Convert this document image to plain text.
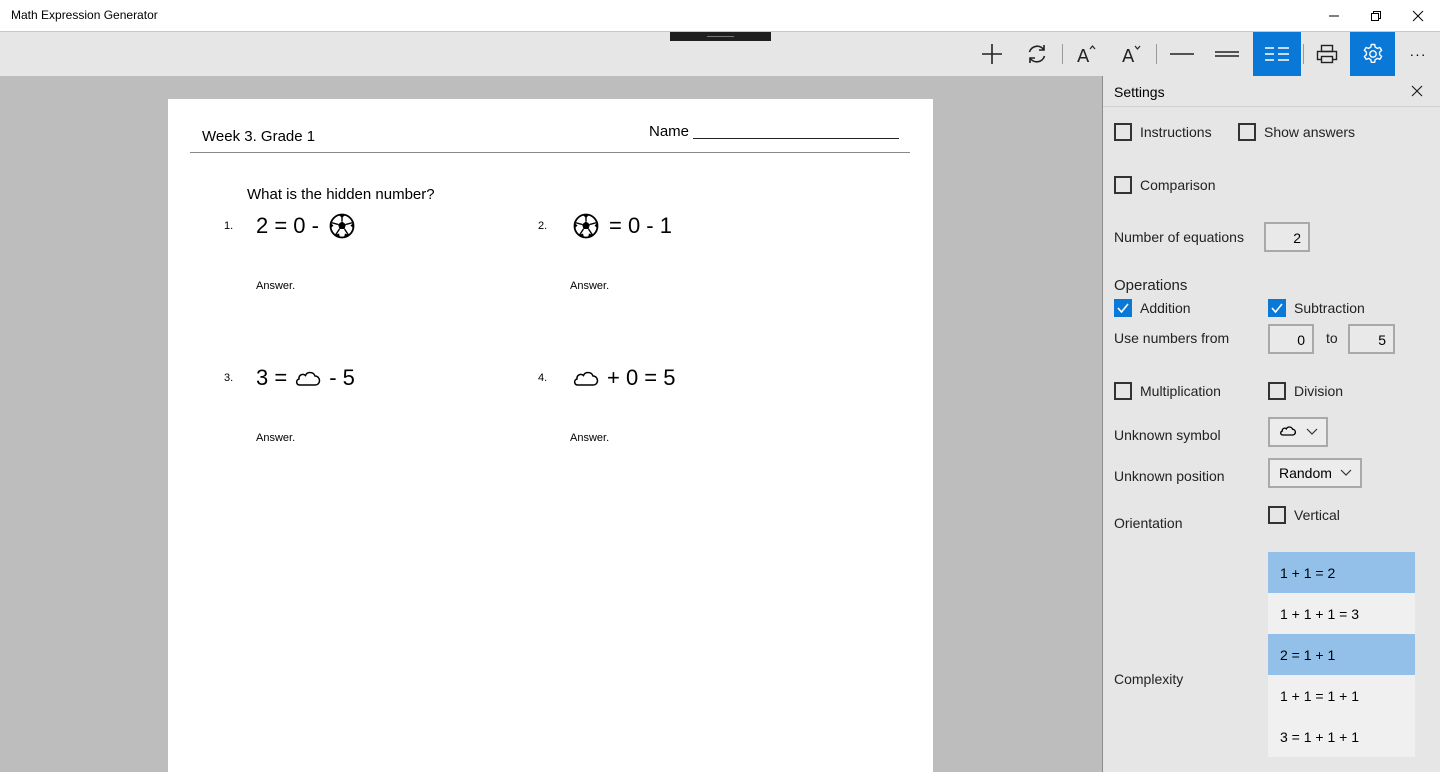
Math Expression Generator
A A	···
Week 3. Grade 1	Name
What is the hidden number?
1. 2 = 0 -
Answer.
2.	= 0 - 1
Answer.
3. 3 = - 5
Answer.
4.	+ 0 = 5
Answer.
Settings
Instructions	Show answers
Comparison
Number of equations	2
Operations
Addition	Subtraction
Use numbers from	0	to	5
Multiplication	Division
Unknown symbol
Unknown position	Random
Orientation	Vertical
Complexity
1 + 1 = 2
1 + 1 + 1 = 3
2 = 1 + 1
1 + 1 = 1 + 1
3 = 1 + 1 + 1
